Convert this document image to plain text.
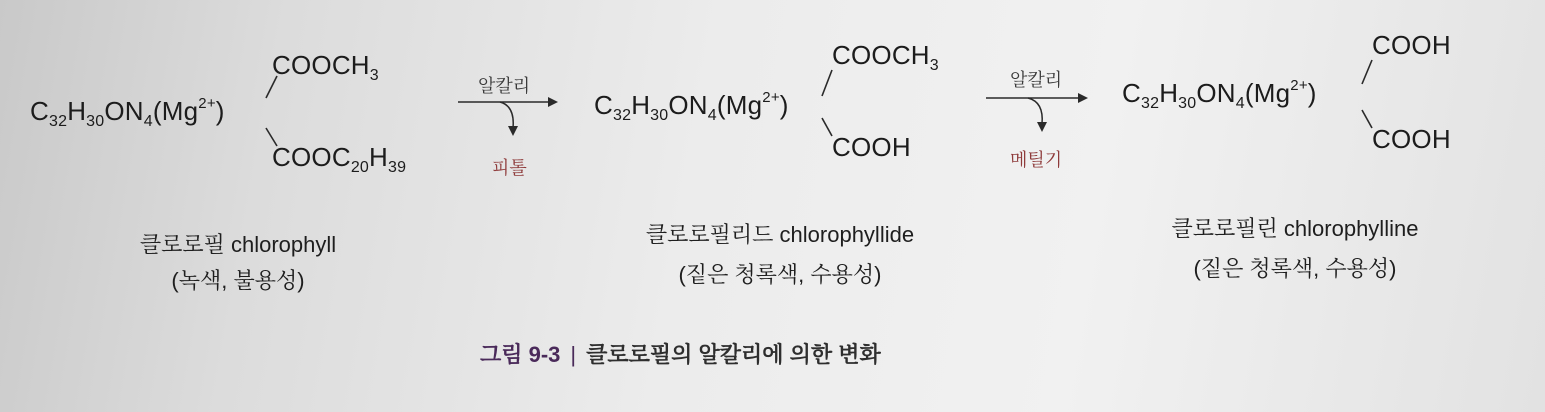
$COOCH_3$
$C_{32}H_{30}ON_4(Mg^{2+})$
$COOC_{20}H_{39}$
클로로필 chlorophyll
(녹색, 불용성)
알칼리
피톨
$COOCH_3$
$C_{32}H_{30}ON_4(Mg^{2+})$
COOH
클로로필리드 chlorophyllide
(짙은 청록색, 수용성)
알칼리
메틸기
COOH
$C_{32}H_{30}ON_4(Mg^{2+})$
COOH
클로로필린 chlorophylline
(짙은 청록색, 수용성)
그림 9-3 | 클로로필의 알칼리에 의한 변화
